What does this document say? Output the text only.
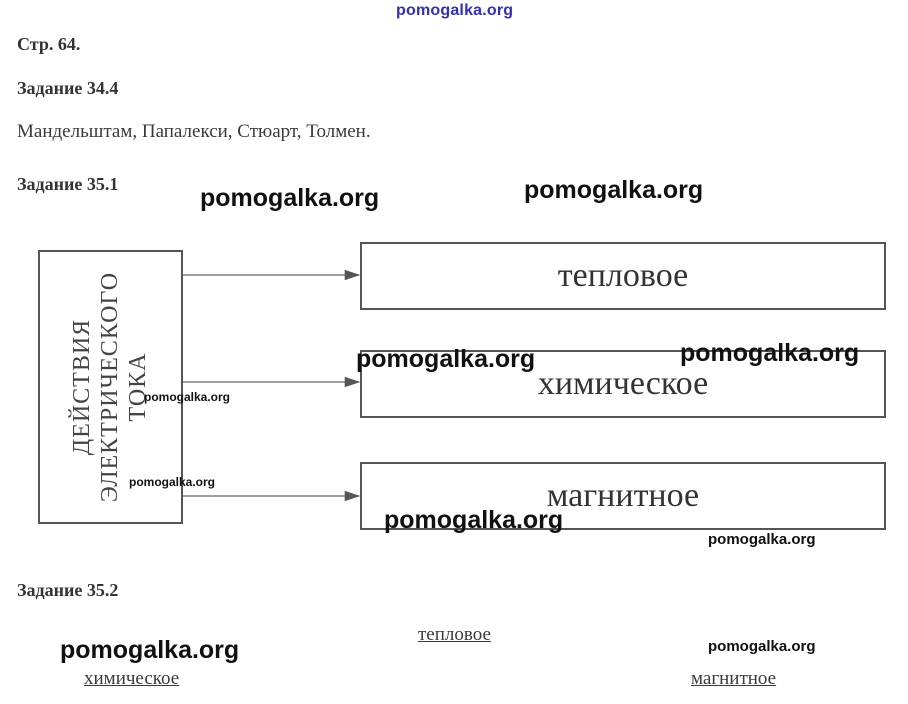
pomogalka.org
Стр. 64.
Задание 34.4
Мандельштам, Папалекси, Стюарт, Толмен.
Задание 35.1
ДЕЙСТВИЯ ЭЛЕКТРИЧЕСКОГО ТОКА
тепловое
химическое
магнитное
Задание 35.2
тепловое
химическое	магнитное
pomogalka.org	pomogalka.org
pomogalka.org	pomogalka.org
pomogalka.org
pomogalka.org
pomogalka.org
pomogalka.org
pomogalka.org	pomogalka.org
